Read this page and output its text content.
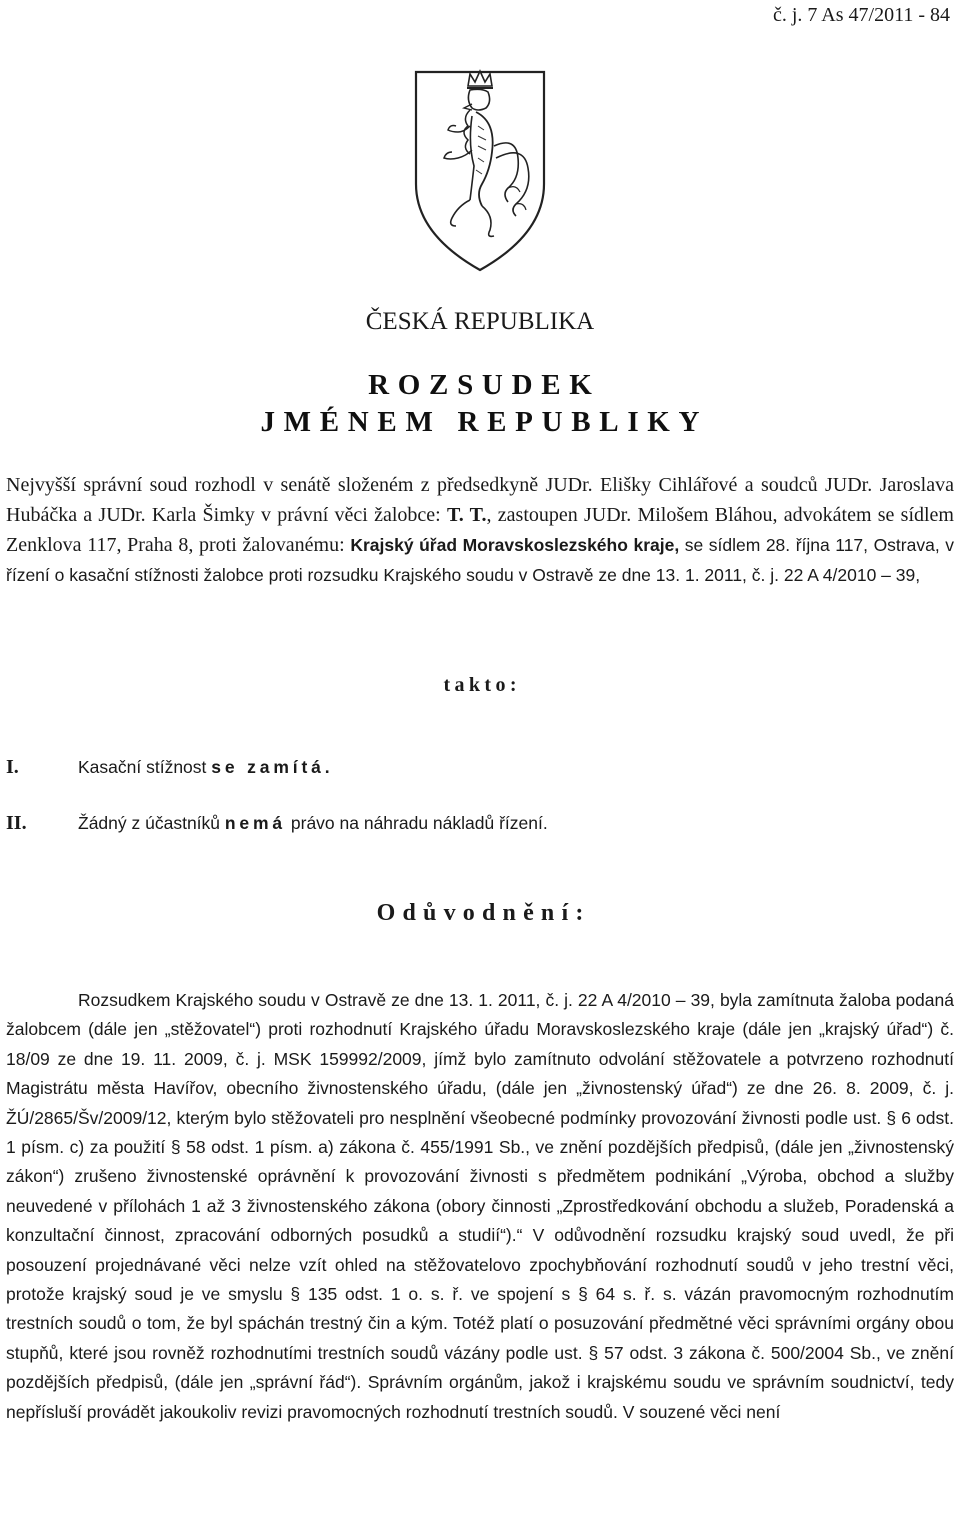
č. j. 7 As 47/2011 - 84
ČESKÁ REPUBLIKA
ROZSUDEK
JMÉNEM REPUBLIKY
Nejvyšší správní soud rozhodl v senátě složeném z předsedkyně JUDr. Elišky Cihlářové a soudců JUDr. Jaroslava Hubáčka a JUDr. Karla Šimky v právní věci žalobce: T. T., zastoupen JUDr. Milošem Bláhou, advokátem se sídlem Zenklova 117, Praha 8, proti žalovanému: Krajský úřad Moravskoslezského kraje, se sídlem 28. října 117, Ostrava, v řízení o kasační stížnosti žalobce proti rozsudku Krajského soudu v Ostravě ze dne 13. 1. 2011, č. j. 22 A 4/2010 – 39,
takto:
I.	Kasační stížnost se zamítá.
II.	Žádný z účastníků nemá právo na náhradu nákladů řízení.
Odůvodnění:
Rozsudkem Krajského soudu v Ostravě ze dne 13. 1. 2011, č. j. 22 A 4/2010 – 39, byla zamítnuta žaloba podaná žalobcem (dále jen „stěžovatel“) proti rozhodnutí Krajského úřadu Moravskoslezského kraje (dále jen „krajský úřad“) č. 18/09 ze dne 19. 11. 2009, č. j. MSK 159992/2009, jímž bylo zamítnuto odvolání stěžovatele a potvrzeno rozhodnutí Magistrátu města Havířov, obecního živnostenského úřadu, (dále jen „živnostenský úřad“) ze dne 26. 8. 2009, č. j. ŽÚ/2865/Šv/2009/12, kterým bylo stěžovateli pro nesplnění všeobecné podmínky provozování živnosti podle ust. § 6 odst. 1 písm. c) za použití § 58 odst. 1 písm. a) zákona č. 455/1991 Sb., ve znění pozdějších předpisů, (dále jen „živnostenský zákon“) zrušeno živnostenské oprávnění k provozování živnosti s předmětem podnikání „Výroba, obchod a služby neuvedené v přílohách 1 až 3 živnostenského zákona (obory činnosti „Zprostředkování obchodu a služeb, Poradenská a konzultační činnost, zpracování odborných posudků a studií“).“ V odůvodnění rozsudku krajský soud uvedl, že při posouzení projednávané věci nelze vzít ohled na stěžovatelovo zpochybňování rozhodnutí soudů v jeho trestní věci, protože krajský soud je ve smyslu § 135 odst. 1 o. s. ř. ve spojení s § 64 s. ř. s. vázán pravomocným rozhodnutím trestních soudů o tom, že byl spáchán trestný čin a kým. Totéž platí o posuzování předmětné věci správními orgány obou stupňů, které jsou rovněž rozhodnutími trestních soudů vázány podle ust. § 57 odst. 3 zákona č. 500/2004 Sb., ve znění pozdějších předpisů, (dále jen „správní řád“). Správním orgánům, jakož i krajskému soudu ve správním soudnictví, tedy nepřísluší provádět jakoukoliv revizi pravomocných rozhodnutí trestních soudů. V souzené věci není
